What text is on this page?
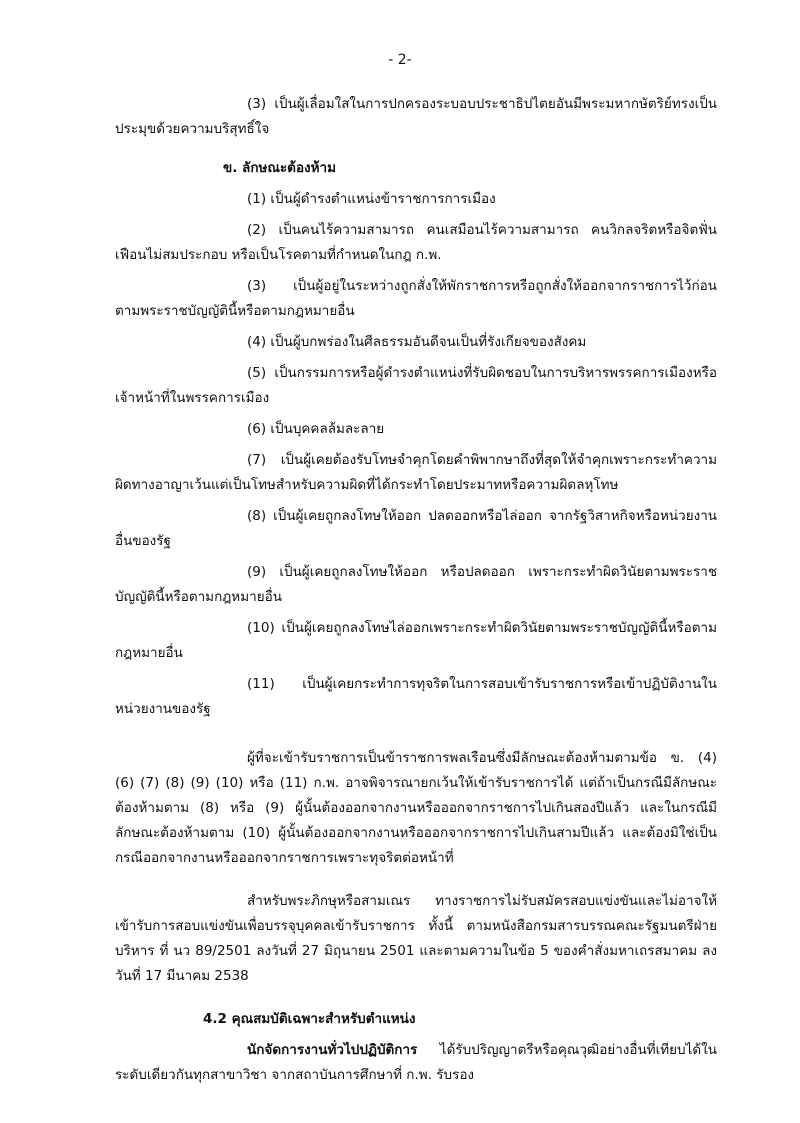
- 2-

(3) เป็นผู้เลื่อมใสในการปกครองระบอบประชาธิปไตยอันมีพระมหากษัตริย์ทรงเป็นประมุขด้วยความบริสุทธิ์ใจ

ข. ลักษณะต้องห้าม

(1) เป็นผู้ดำรงตำแหน่งข้าราชการการเมือง

(2) เป็นคนไร้ความสามารถ คนเสมือนไร้ความสามารถ คนวิกลจริตหรือจิตฟั่นเฟือนไม่สมประกอบ หรือเป็นโรคตามที่กำหนดในกฎ ก.พ.

(3) เป็นผู้อยู่ในระหว่างถูกสั่งให้พักราชการหรือถูกสั่งให้ออกจากราชการไว้ก่อนตามพระราชบัญญัตินี้หรือตามกฎหมายอื่น

(4) เป็นผู้บกพร่องในศีลธรรมอันดีจนเป็นที่รังเกียจของสังคม

(5) เป็นกรรมการหรือผู้ดำรงตำแหน่งที่รับผิดชอบในการบริหารพรรคการเมืองหรือเจ้าหน้าที่ในพรรคการเมือง

(6) เป็นบุคคลล้มละลาย

(7) เป็นผู้เคยต้องรับโทษจำคุกโดยคำพิพากษาถึงที่สุดให้จำคุกเพราะกระทำความผิดทางอาญาเว้นแต่เป็นโทษสำหรับความผิดที่ได้กระทำโดยประมาทหรือความผิดลหุโทษ

(8) เป็นผู้เคยถูกลงโทษให้ออก ปลดออกหรือไล่ออก จากรัฐวิสาหกิจหรือหน่วยงานอื่นของรัฐ

(9) เป็นผู้เคยถูกลงโทษให้ออก หรือปลดออก เพราะกระทำผิดวินัยตามพระราชบัญญัตินี้หรือตามกฎหมายอื่น

(10) เป็นผู้เคยถูกลงโทษไล่ออกเพราะกระทำผิดวินัยตามพระราชบัญญัตินี้หรือตามกฎหมายอื่น

(11) เป็นผู้เคยกระทำการทุจริตในการสอบเข้ารับราชการหรือเข้าปฏิบัติงานในหน่วยงานของรัฐ

ผู้ที่จะเข้ารับราชการเป็นข้าราชการพลเรือนซึ่งมีลักษณะต้องห้ามตามข้อ ข. (4) (6) (7) (8) (9) (10) หรือ (11) ก.พ. อาจพิจารณายกเว้นให้เข้ารับราชการได้ แต่ถ้าเป็นกรณีมีลักษณะต้องห้ามตาม (8) หรือ (9) ผู้นั้นต้องออกจากงานหรือออกจากราชการไปเกินสองปีแล้ว และในกรณีมีลักษณะต้องห้ามตาม (10) ผู้นั้นต้องออกจากงานหรือออกจากราชการไปเกินสามปีแล้ว และต้องมิใช่เป็นกรณีออกจากงานหรือออกจากราชการเพราะทุจริตต่อหน้าที่

สำหรับพระภิกษุหรือสามเณร ทางราชการไม่รับสมัครสอบแข่งขันและไม่อาจให้เข้ารับการสอบแข่งขันเพื่อบรรจุบุคคลเข้ารับราชการ ทั้งนี้ ตามหนังสือกรมสารบรรณคณะรัฐมนตรีฝ่ายบริหาร ที่ นว 89/2501 ลงวันที่ 27 มิถุนายน 2501 และตามความในข้อ 5 ของคำสั่งมหาเถรสมาคม ลงวันที่ 17 มีนาคม 2538

4.2 คุณสมบัติเฉพาะสำหรับตำแหน่ง

นักจัดการงานทั่วไปปฏิบัติการ ได้รับปริญญาตรีหรือคุณวุฒิอย่างอื่นที่เทียบได้ในระดับเดียวกันทุกสาขาวิชา จากสถาบันการศึกษาที่ ก.พ. รับรอง
